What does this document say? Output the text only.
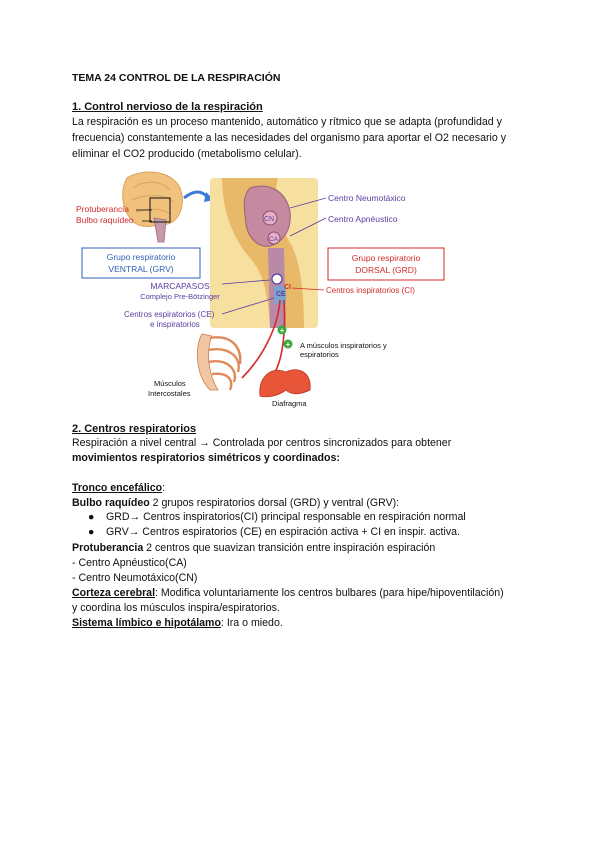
TEMA 24 CONTROL DE LA RESPIRACIÓN
1. Control nervioso de la respiración
La respiración es un proceso mantenido, automático y rítmico que se adapta (profundidad y frecuencia) constantemente a las necesidades del organismo para aportar el O2 necesario y eliminar el CO2 producido (metabolismo celular).
Protuberancia
Bulbo raquídeo	CN
CA
CE
CI
Centro Neumotáxico
Centro Apnéustico
Grupo respiratorio
VENTRAL (GRV)
Grupo respiratorio
DORSAL (GRD)
MARCAPASOS
Complejo Pre-Bötzinger
Centros inspiratorios (CI)
Centros espiratorios (CE)
e inspiratorios
+
+ A músculos inspiratorios y
espiratorios
Músculos
Intercostales
Diafragma
2. Centros respiratorios
Respiración a nivel central → Controlada por centros sincronizados para obtener
movimientos respiratorios simétricos y coordinados:
Tronco encefálico:
Bulbo raquídeo 2 grupos respiratorios dorsal (GRD) y ventral (GRV):
● GRD→ Centros inspiratorios(CI) principal responsable en respiración normal
● GRV→ Centros espiratorios (CE) en espiración activa + CI en inspir. activa.
Protuberancia 2 centros que suavizan transición entre inspiración espiración
- Centro Apnéustico(CA)
- Centro Neumotáxico(CN)
Corteza cerebral: Modifica voluntariamente los centros bulbares (para hipe/hipoventilación)
y coordina los músculos inspira/espiratorios.
Sistema límbico e hipotálamo: Ira o miedo.
